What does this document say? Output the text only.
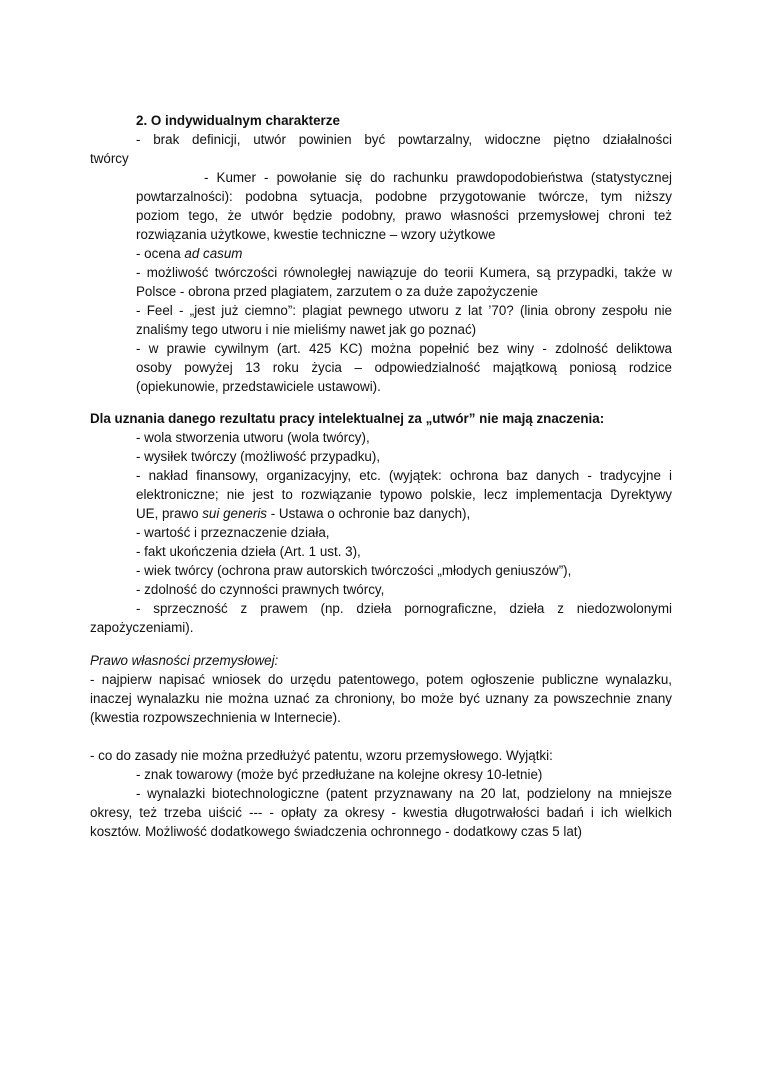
2. O indywidualnym charakterze
- brak definicji, utwór powinien być powtarzalny, widoczne piętno działalności
twórcy
- Kumer - powołanie się do rachunku prawdopodobieństwa (statystycznej
powtarzalności): podobna sytuacja, podobne przygotowanie twórcze, tym niższy
poziom tego, że utwór będzie podobny, prawo własności przemysłowej chroni też
rozwiązania użytkowe, kwestie techniczne – wzory użytkowe
- ocena ad casum
- możliwość twórczości równoległej nawiązuje do teorii Kumera, są przypadki, także w
Polsce - obrona przed plagiatem, zarzutem o za duże zapożyczenie
- Feel - „jest już ciemno”: plagiat pewnego utworu z lat ’70? (linia obrony zespołu nie
znaliśmy tego utworu i nie mieliśmy nawet jak go poznać)
- w prawie cywilnym (art. 425 KC) można popełnić bez winy - zdolność deliktowa
osoby powyżej 13 roku życia – odpowiedzialność majątkową poniosą rodzice
(opiekunowie, przedstawiciele ustawowi).
Dla uznania danego rezultatu pracy intelektualnej za „utwór” nie mają znaczenia:
- wola stworzenia utworu (wola twórcy),
- wysiłek twórczy (możliwość przypadku),
- nakład finansowy, organizacyjny, etc. (wyjątek: ochrona baz danych - tradycyjne i
elektroniczne; nie jest to rozwiązanie typowo polskie, lecz implementacja Dyrektywy
UE, prawo sui generis - Ustawa o ochronie baz danych),
- wartość i przeznaczenie działa,
- fakt ukończenia dzieła (Art. 1 ust. 3),
- wiek twórcy (ochrona praw autorskich twórczości „młodych geniuszów”),
- zdolność do czynności prawnych twórcy,
- sprzeczność z prawem (np. dzieła pornograficzne, dzieła z niedozwolonymi
zapożyczeniami).
Prawo własności przemysłowej:
- najpierw napisać wniosek do urzędu patentowego, potem ogłoszenie publiczne wynalazku,
inaczej wynalazku nie można uznać za chroniony, bo może być uznany za powszechnie znany
(kwestia rozpowszechnienia w Internecie).
- co do zasady nie można przedłużyć patentu, wzoru przemysłowego. Wyjątki:
- znak towarowy (może być przedłużane na kolejne okresy 10-letnie)
- wynalazki biotechnologiczne (patent przyznawany na 20 lat, podzielony na mniejsze
okresy, też trzeba uiścić --- - opłaty za okresy - kwestia długotrwałości badań i ich wielkich
kosztów. Możliwość dodatkowego świadczenia ochronnego - dodatkowy czas 5 lat)
